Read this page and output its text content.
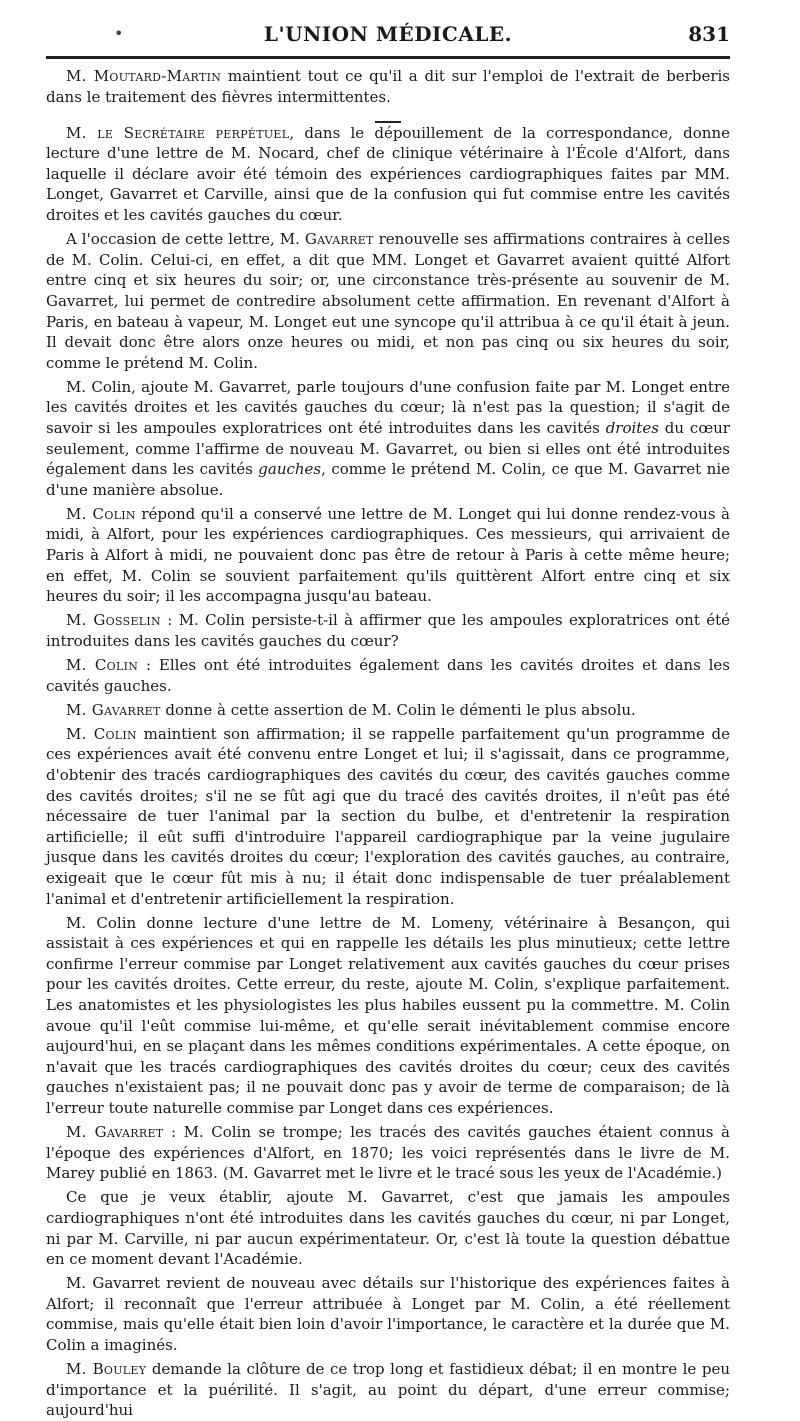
•	L'UNION MÉDICALE.	831

M. Moutard-Martin maintient tout ce qu'il a dit sur l'emploi de l'extrait de berberis dans le traitement des fièvres intermittentes.

M. le Secrétaire perpétuel, dans le dépouillement de la correspondance, donne lecture d'une lettre de M. Nocard, chef de clinique vétérinaire à l'École d'Alfort, dans laquelle il déclare avoir été témoin des expériences cardiographiques faites par MM. Longet, Gavarret et Carville, ainsi que de la confusion qui fut commise entre les cavités droites et les cavités gauches du cœur.

A l'occasion de cette lettre, M. Gavarret renouvelle ses affirmations contraires à celles de M. Colin. Celui-ci, en effet, a dit que MM. Longet et Gavarret avaient quitté Alfort entre cinq et six heures du soir; or, une circonstance très-présente au souvenir de M. Gavarret, lui permet de contredire absolument cette affirmation. En revenant d'Alfort à Paris, en bateau à vapeur, M. Longet eut une syncope qu'il attribua à ce qu'il était à jeun. Il devait donc être alors onze heures ou midi, et non pas cinq ou six heures du soir, comme le prétend M. Colin.

M. Colin, ajoute M. Gavarret, parle toujours d'une confusion faite par M. Longet entre les cavités droites et les cavités gauches du cœur; là n'est pas la question; il s'agit de savoir si les ampoules exploratrices ont été introduites dans les cavités droites du cœur seulement, comme l'affirme de nouveau M. Gavarret, ou bien si elles ont été introduites également dans les cavités gauches, comme le prétend M. Colin, ce que M. Gavarret nie d'une manière absolue.

M. Colin répond qu'il a conservé une lettre de M. Longet qui lui donne rendez-vous à midi, à Alfort, pour les expériences cardiographiques. Ces messieurs, qui arrivaient de Paris à Alfort à midi, ne pouvaient donc pas être de retour à Paris à cette même heure; en effet, M. Colin se souvient parfaitement qu'ils quittèrent Alfort entre cinq et six heures du soir; il les accompagna jusqu'au bateau.

M. Gosselin : M. Colin persiste-t-il à affirmer que les ampoules exploratrices ont été introduites dans les cavités gauches du cœur?

M. Colin : Elles ont été introduites également dans les cavités droites et dans les cavités gauches.

M. Gavarret donne à cette assertion de M. Colin le démenti le plus absolu.

M. Colin maintient son affirmation; il se rappelle parfaitement qu'un programme de ces expériences avait été convenu entre Longet et lui; il s'agissait, dans ce programme, d'obtenir des tracés cardiographiques des cavités du cœur, des cavités gauches comme des cavités droites; s'il ne se fût agi que du tracé des cavités droites, il n'eût pas été nécessaire de tuer l'animal par la section du bulbe, et d'entretenir la respiration artificielle; il eût suffi d'introduire l'appareil cardiographique par la veine jugulaire jusque dans les cavités droites du cœur; l'exploration des cavités gauches, au contraire, exigeait que le cœur fût mis à nu; il était donc indispensable de tuer préalablement l'animal et d'entretenir artificiellement la respiration.

M. Colin donne lecture d'une lettre de M. Lomeny, vétérinaire à Besançon, qui assistait à ces expériences et qui en rappelle les détails les plus minutieux; cette lettre confirme l'erreur commise par Longet relativement aux cavités gauches du cœur prises pour les cavités droites. Cette erreur, du reste, ajoute M. Colin, s'explique parfaitement. Les anatomistes et les physiologistes les plus habiles eussent pu la commettre. M. Colin avoue qu'il l'eût commise lui-même, et qu'elle serait inévitablement commise encore aujourd'hui, en se plaçant dans les mêmes conditions expérimentales. A cette époque, on n'avait que les tracés cardiographiques des cavités droites du cœur; ceux des cavités gauches n'existaient pas; il ne pouvait donc pas y avoir de terme de comparaison; de là l'erreur toute naturelle commise par Longet dans ces expériences.

M. Gavarret : M. Colin se trompe; les tracés des cavités gauches étaient connus à l'époque des expériences d'Alfort, en 1870; les voici représentés dans le livre de M. Marey publié en 1863. (M. Gavarret met le livre et le tracé sous les yeux de l'Académie.)

Ce que je veux établir, ajoute M. Gavarret, c'est que jamais les ampoules cardiographiques n'ont été introduites dans les cavités gauches du cœur, ni par Longet, ni par M. Carville, ni par aucun expérimentateur. Or, c'est là toute la question débattue en ce moment devant l'Académie.

M. Gavarret revient de nouveau avec détails sur l'historique des expériences faites à Alfort; il reconnaît que l'erreur attribuée à Longet par M. Colin, a été réellement commise, mais qu'elle était bien loin d'avoir l'importance, le caractère et la durée que M. Colin a imaginés.

M. Bouley demande la clôture de ce trop long et fastidieux débat; il en montre le peu d'importance et la puérilité. Il s'agit, au point du départ, d'une erreur commise; aujourd'hui
